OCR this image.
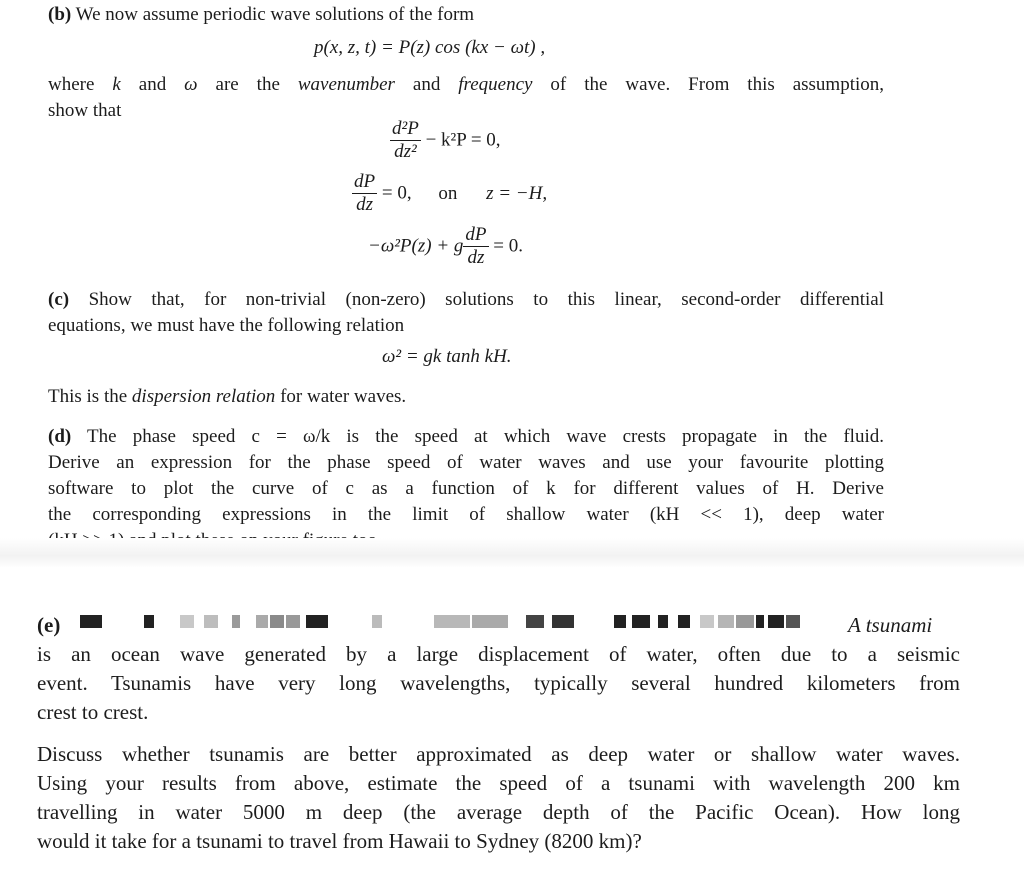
(b) We now assume periodic wave solutions of the form
p(x, z, t) = P(z) cos (kx − ωt) ,
where k and ω are the wavenumber and frequency of the wave. From this assumption,
show that
$\frac{\text{d²P}}{\text{dz²}} - k^2P = 0$,
$\frac{dP}{dz} = 0$, on z = −H,
−ω²P(z) + g $\frac{dP}{dz} = 0$.
(c) Show that, for non-trivial (non-zero) solutions to this linear, second-order differential
equations, we must have the following relation
ω² = gk tanh kH.
This is the dispersion relation for water waves.
(d) The phase speed c = ω/k is the speed at which wave crests propagate in the fluid.
Derive an expression for the phase speed of water waves and use your favourite plotting
software to plot the curve of c as a function of k for different values of H. Derive
the corresponding expressions in the limit of shallow water (kH << 1), deep water
(e)	A tsunami
is an ocean wave generated by a large displacement of water, often due to a seismic
event. Tsunamis have very long wavelengths, typically several hundred kilometers from
crest to crest.
Discuss whether tsunamis are better approximated as deep water or shallow water waves.
Using your results from above, estimate the speed of a tsunami with wavelength 200 km
travelling in water 5000 m deep (the average depth of the Pacific Ocean). How long
would it take for a tsunami to travel from Hawaii to Sydney (8200 km)?
